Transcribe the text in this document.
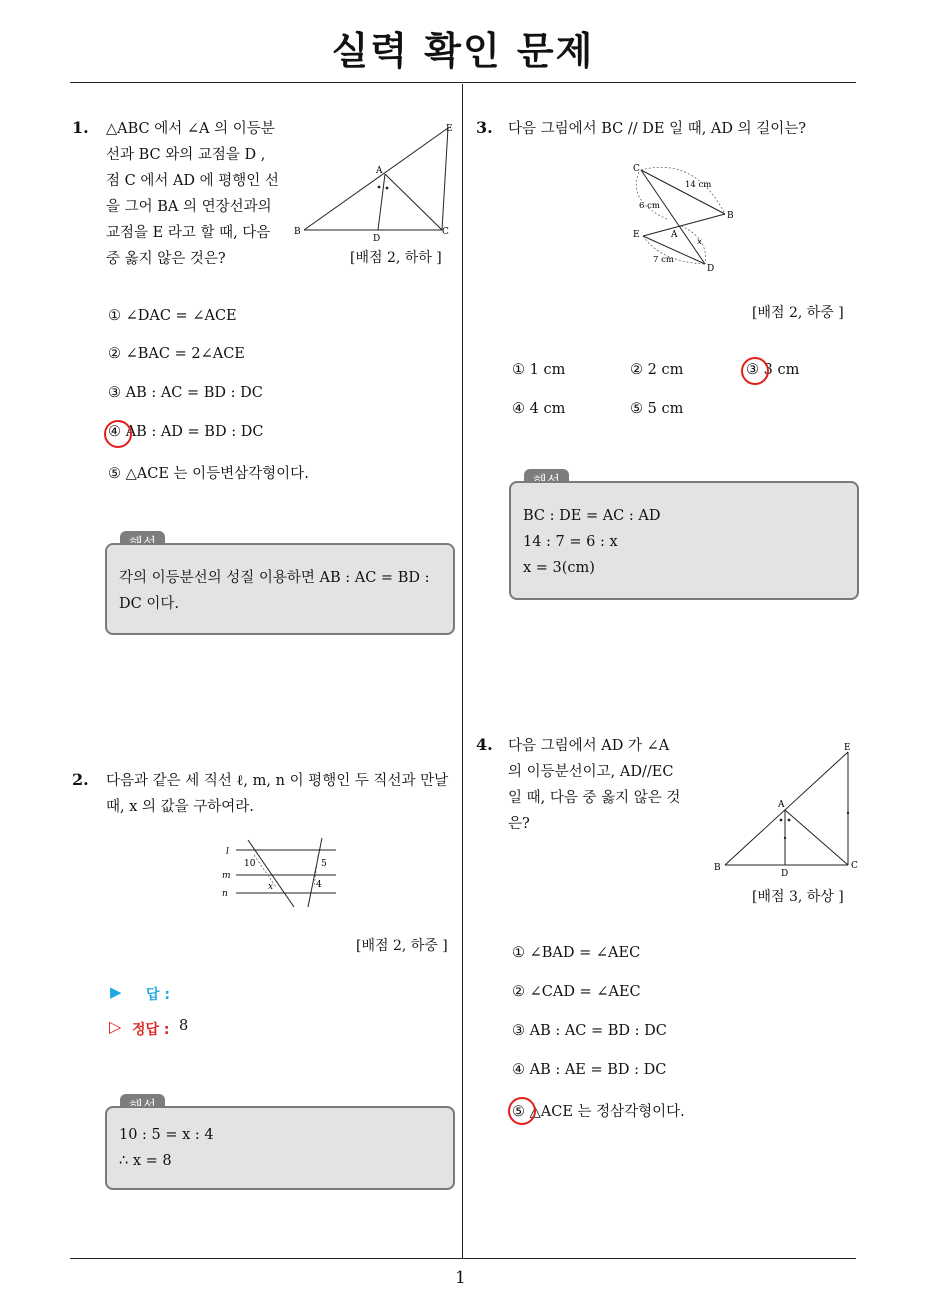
실력 확인 문제
1
1. △ABC 에서 ∠A 의 이등분
선과 BC 와의 교점을 D ,
점 C 에서 AD 에 평행인 선
을 그어 BA 의 연장선과의
교점을 E 라고 할 때, 다음
중 옳지 않은 것은?
A
B	C
D
E
[배점 2, 하하 ]
① ∠DAC = ∠ACE
② ∠BAC = 2∠ACE
③ AB : AC = BD : DC
④ AB : AD = BD : DC
⑤ △ACE 는 이등변삼각형이다.
각의 이등분선의 성질 이용하면 AB : AC = BD :
DC 이다.
2. 다음과 같은 세 직선 ℓ, m, n 이 평행인 두 직선과 만날
때, x 의 값을 구하여라.
l
m
n
10	5
x	4
[배점 2, 하중 ]
▶ 답 :
▷ 정답 : 8
10 : 5 = x : 4
∴ x = 8
3. 다음 그림에서 BC // DE 일 때, AD 의 길이는?
C
B
E	A
D
14 cm
6 cm
7 cm
x
[배점 2, 하중 ]
① 1 cm	② 2 cm	③ 3 cm
④ 4 cm	⑤ 5 cm
BC : DE = AC : AD
14 : 7 = 6 : x
x = 3(cm)
4. 다음 그림에서 AD 가 ∠A
의 이등분선이고, AD//EC
일 때, 다음 중 옳지 않은 것
은?
A
B	C
D
E
[배점 3, 하상 ]
① ∠BAD = ∠AEC
② ∠CAD = ∠AEC
③ AB : AC = BD : DC
④ AB : AE = BD : DC
⑤ △ACE 는 정삼각형이다.
